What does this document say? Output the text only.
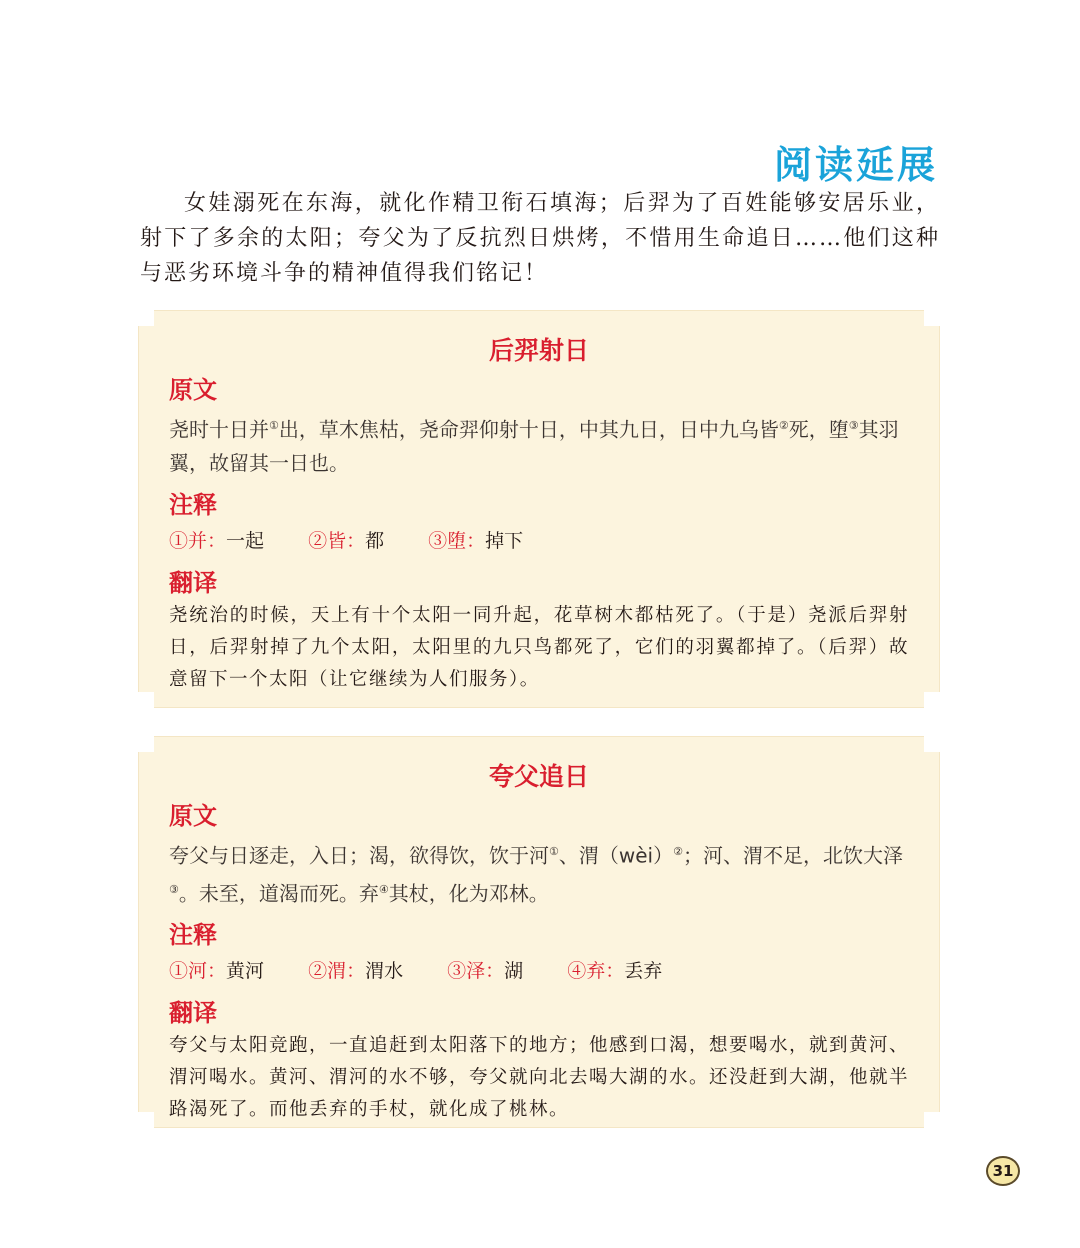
阅读延展

女娃溺死在东海，就化作精卫衔石填海；后羿为了百姓能够安居乐业，射下了多余的太阳；夸父为了反抗烈日烘烤，不惜用生命追日……他们这种与恶劣环境斗争的精神值得我们铭记！

后羿射日
原文

尧时十日并①出，草木焦枯，尧命羿仰射十日，中其九日，日中九乌皆②死，堕③其羽翼，故留其一日也。

注释
①并：一起 ②皆：都 ③堕：掉下
翻译

尧统治的时候，天上有十个太阳一同升起，花草树木都枯死了。（于是）尧派后羿射日，后羿射掉了九个太阳，太阳里的九只鸟都死了，它们的羽翼都掉了。（后羿）故意留下一个太阳（让它继续为人们服务）。

夸父追日
原文

夸父与日逐走，入日；渴，欲得饮，饮于河①、渭（wèi）②；河、渭不足，北饮大泽③。未至，道渴而死。弃④其杖，化为邓林。

注释
①河：黄河 ②渭：渭水 ③泽：湖 ④弃：丢弃
翻译

夸父与太阳竞跑，一直追赶到太阳落下的地方；他感到口渴，想要喝水，就到黄河、渭河喝水。黄河、渭河的水不够，夸父就向北去喝大湖的水。还没赶到大湖，他就半路渴死了。而他丢弃的手杖，就化成了桃林。

31
